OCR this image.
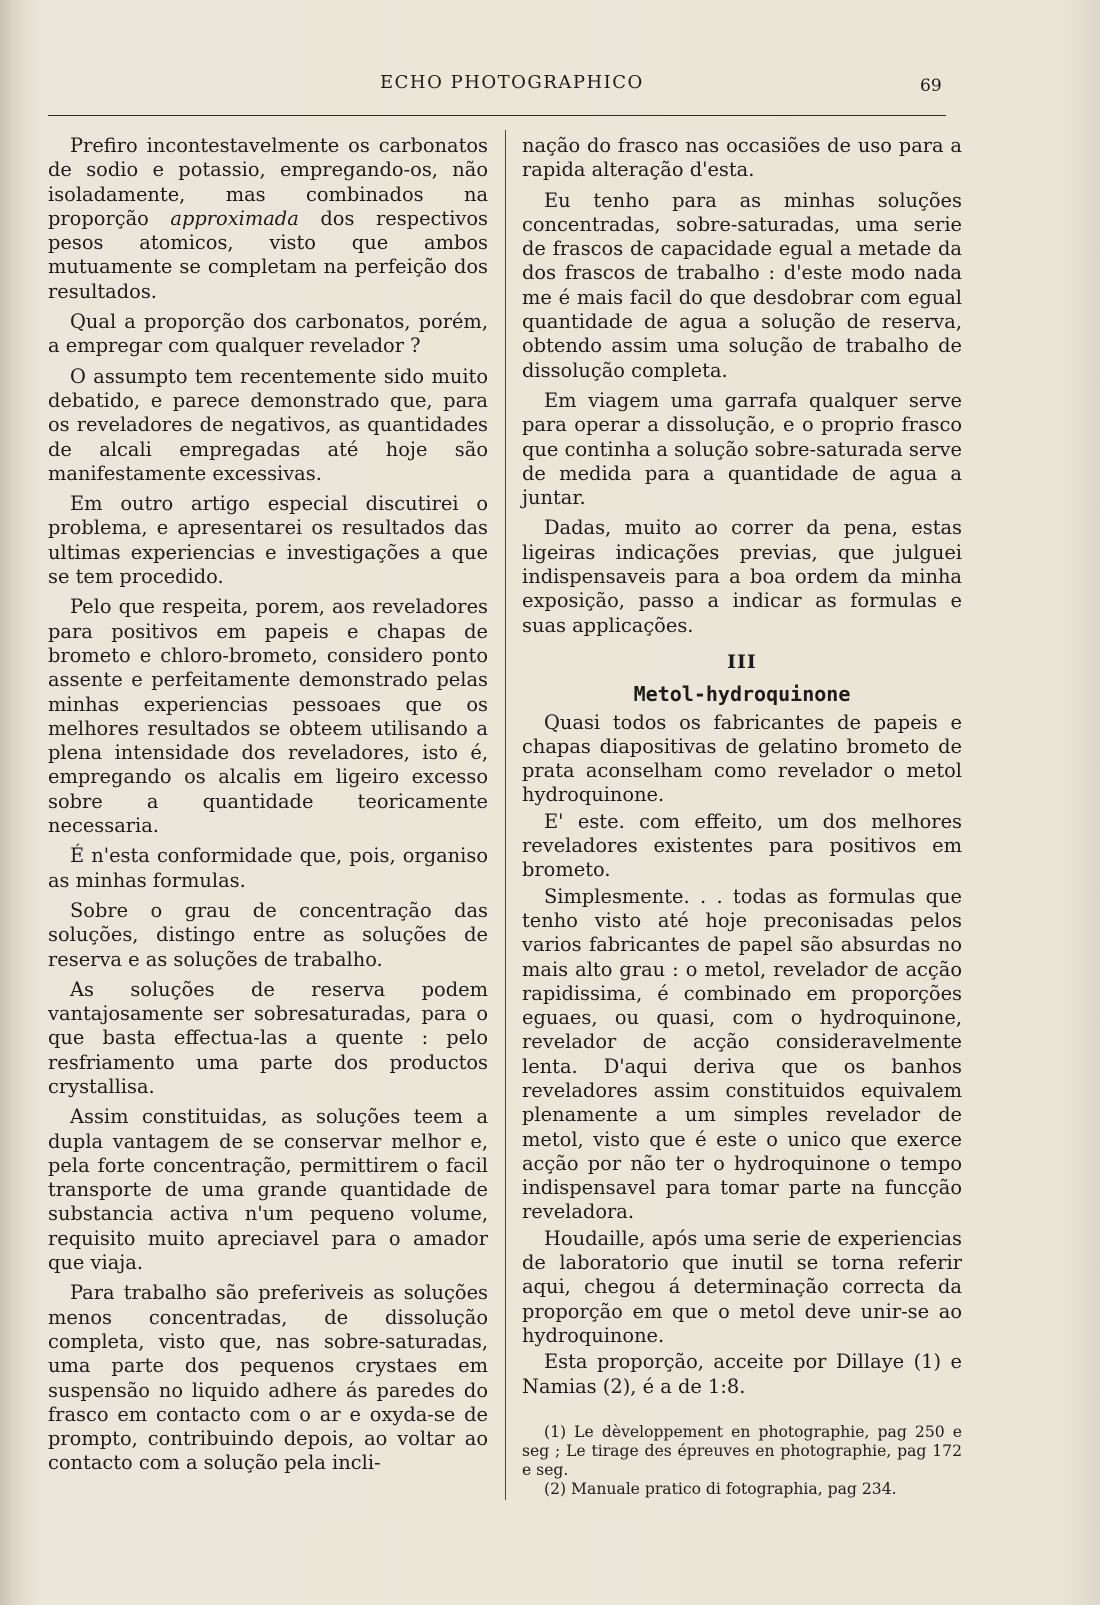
ECHO PHOTOGRAPHICO	69

Prefiro incontestavelmente os carbonatos de sodio e potassio, empregando-os, não isoladamente, mas combinados na proporção approximada dos respectivos pesos atomicos, visto que ambos mutuamente se completam na perfeição dos resultados.

Qual a proporção dos carbonatos, porém, a empregar com qualquer revelador ?

O assumpto tem recentemente sido muito debatido, e parece demonstrado que, para os reveladores de negativos, as quantidades de alcali empregadas até hoje são manifestamente excessivas.

Em outro artigo especial discutirei o problema, e apresentarei os resultados das ultimas experiencias e investigações a que se tem procedido.

Pelo que respeita, porem, aos reveladores para positivos em papeis e chapas de brometo e chloro-brometo, considero ponto assente e perfeitamente demonstrado pelas minhas experiencias pessoaes que os melhores resultados se obteem utilisando a plena intensidade dos reveladores, isto é, empregando os alcalis em ligeiro excesso sobre a quantidade teoricamente necessaria.

É n'esta conformidade que, pois, organiso as minhas formulas.

Sobre o grau de concentração das soluções, distingo entre as soluções de reserva e as soluções de trabalho.

As soluções de reserva podem vantajosamente ser sobresaturadas, para o que basta effectua-las a quente : pelo resfriamento uma parte dos productos crystallisa.

Assim constituidas, as soluções teem a dupla vantagem de se conservar melhor e, pela forte concentração, permittirem o facil transporte de uma grande quantidade de substancia activa n'um pequeno volume, requisito muito apreciavel para o amador que viaja.

Para trabalho são preferiveis as soluções menos concentradas, de dissolução completa, visto que, nas sobre-saturadas, uma parte dos pequenos crystaes em suspensão no liquido adhere ás paredes do frasco em contacto com o ar e oxyda-se de prompto, contribuindo depois, ao voltar ao contacto com a solução pela incli-

nação do frasco nas occasiões de uso para a rapida alteração d'esta.

Eu tenho para as minhas soluções concentradas, sobre-saturadas, uma serie de frascos de capacidade egual a metade da dos frascos de trabalho : d'este modo nada me é mais facil do que desdobrar com egual quantidade de agua a solução de reserva, obtendo assim uma solução de trabalho de dissolução completa.

Em viagem uma garrafa qualquer serve para operar a dissolução, e o proprio frasco que continha a solução sobre-saturada serve de medida para a quantidade de agua a juntar.

Dadas, muito ao correr da pena, estas ligeiras indicações previas, que julguei indispensaveis para a boa ordem da minha exposição, passo a indicar as formulas e suas applicações.

III
Metol-hydroquinone

Quasi todos os fabricantes de papeis e chapas diapositivas de gelatino brometo de prata aconselham como revelador o metol hydroquinone.

E' este. com effeito, um dos melhores reveladores existentes para positivos em brometo.

Simplesmente. . . todas as formulas que tenho visto até hoje preconisadas pelos varios fabricantes de papel são absurdas no mais alto grau : o metol, revelador de acção rapidissima, é combinado em proporções eguaes, ou quasi, com o hydroquinone, revelador de acção consideravelmente lenta. D'aqui deriva que os banhos reveladores assim constituidos equivalem plenamente a um simples revelador de metol, visto que é este o unico que exerce acção por não ter o hydroquinone o tempo indispensavel para tomar parte na funcção reveladora.

Houdaille, após uma serie de experiencias de laboratorio que inutil se torna referir aqui, chegou á determinação correcta da proporção em que o metol deve unir-se ao hydroquinone.

Esta proporção, acceite por Dillaye (1) e Namias (2), é a de 1:8.

(1) Le dèveloppement en photographie, pag 250 e seg ; Le tirage des épreuves en photographie, pag 172 e seg.

(2) Manuale pratico di fotographia, pag 234.
